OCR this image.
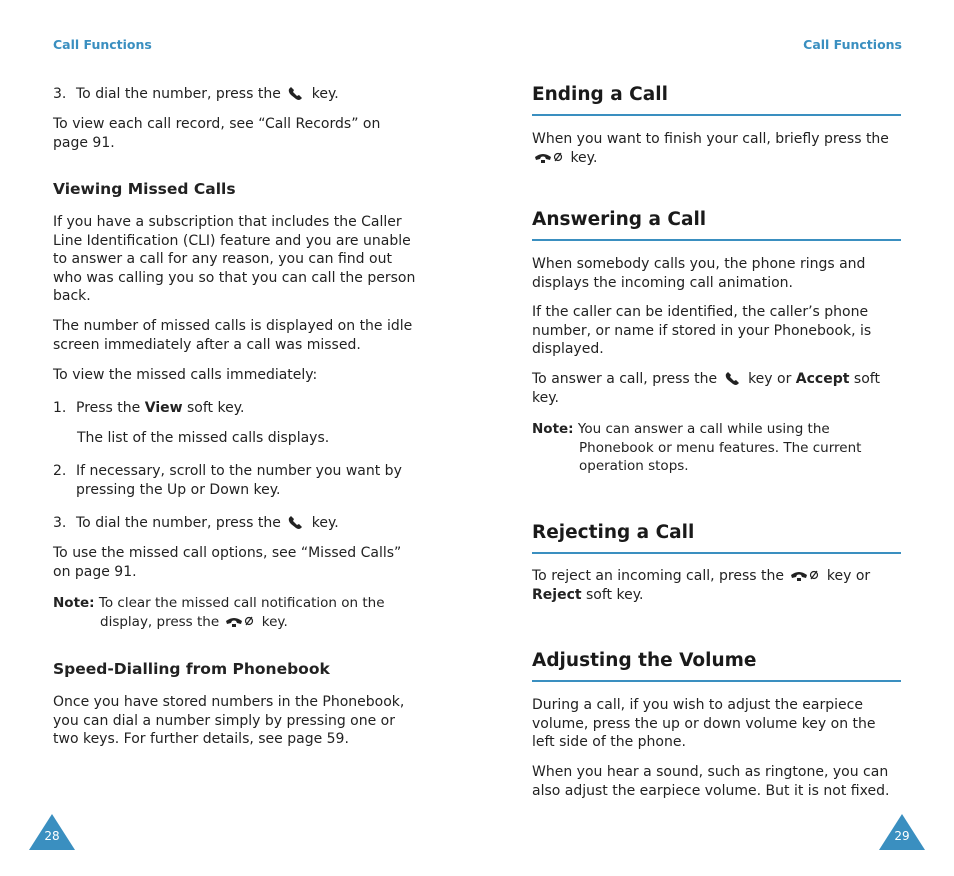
Call Functions

3. To dial the number, press the key.

To view each call record, see “Call Records” on page 91.

Viewing Missed Calls

If you have a subscription that includes the Caller Line Identification (CLI) feature and you are unable to answer a call for any reason, you can find out who was calling you so that you can call the person back.

The number of missed calls is displayed on the idle screen immediately after a call was missed.

To view the missed calls immediately:

1. Press the View soft key.

The list of the missed calls displays.

2. If necessary, scroll to the number you want by pressing the Up or Down key.

3. To dial the number, press the key.

To use the missed call options, see “Missed Calls” on page 91.

Note: To clear the missed call notification on the display, press the	key.

Speed-Dialling from Phonebook

Once you have stored numbers in the Phonebook, you can dial a number simply by pressing one or two keys. For further details, see page 59.

28
Call Functions
Ending a Call

When you want to finish your call, briefly press the  key.

Answering a Call

When somebody calls you, the phone rings and displays the incoming call animation.

If the caller can be identified, the caller’s phone number, or name if stored in your Phonebook, is displayed.

To answer a call, press the key or Accept soft key.

Note: You can answer a call while using the Phonebook or menu features. The current operation stops.

Rejecting a Call

To reject an incoming call, press the	key or Reject soft key.

Adjusting the Volume

During a call, if you wish to adjust the earpiece volume, press the up or down volume key on the left side of the phone.

When you hear a sound, such as ringtone, you can also adjust the earpiece volume. But it is not fixed.

29
